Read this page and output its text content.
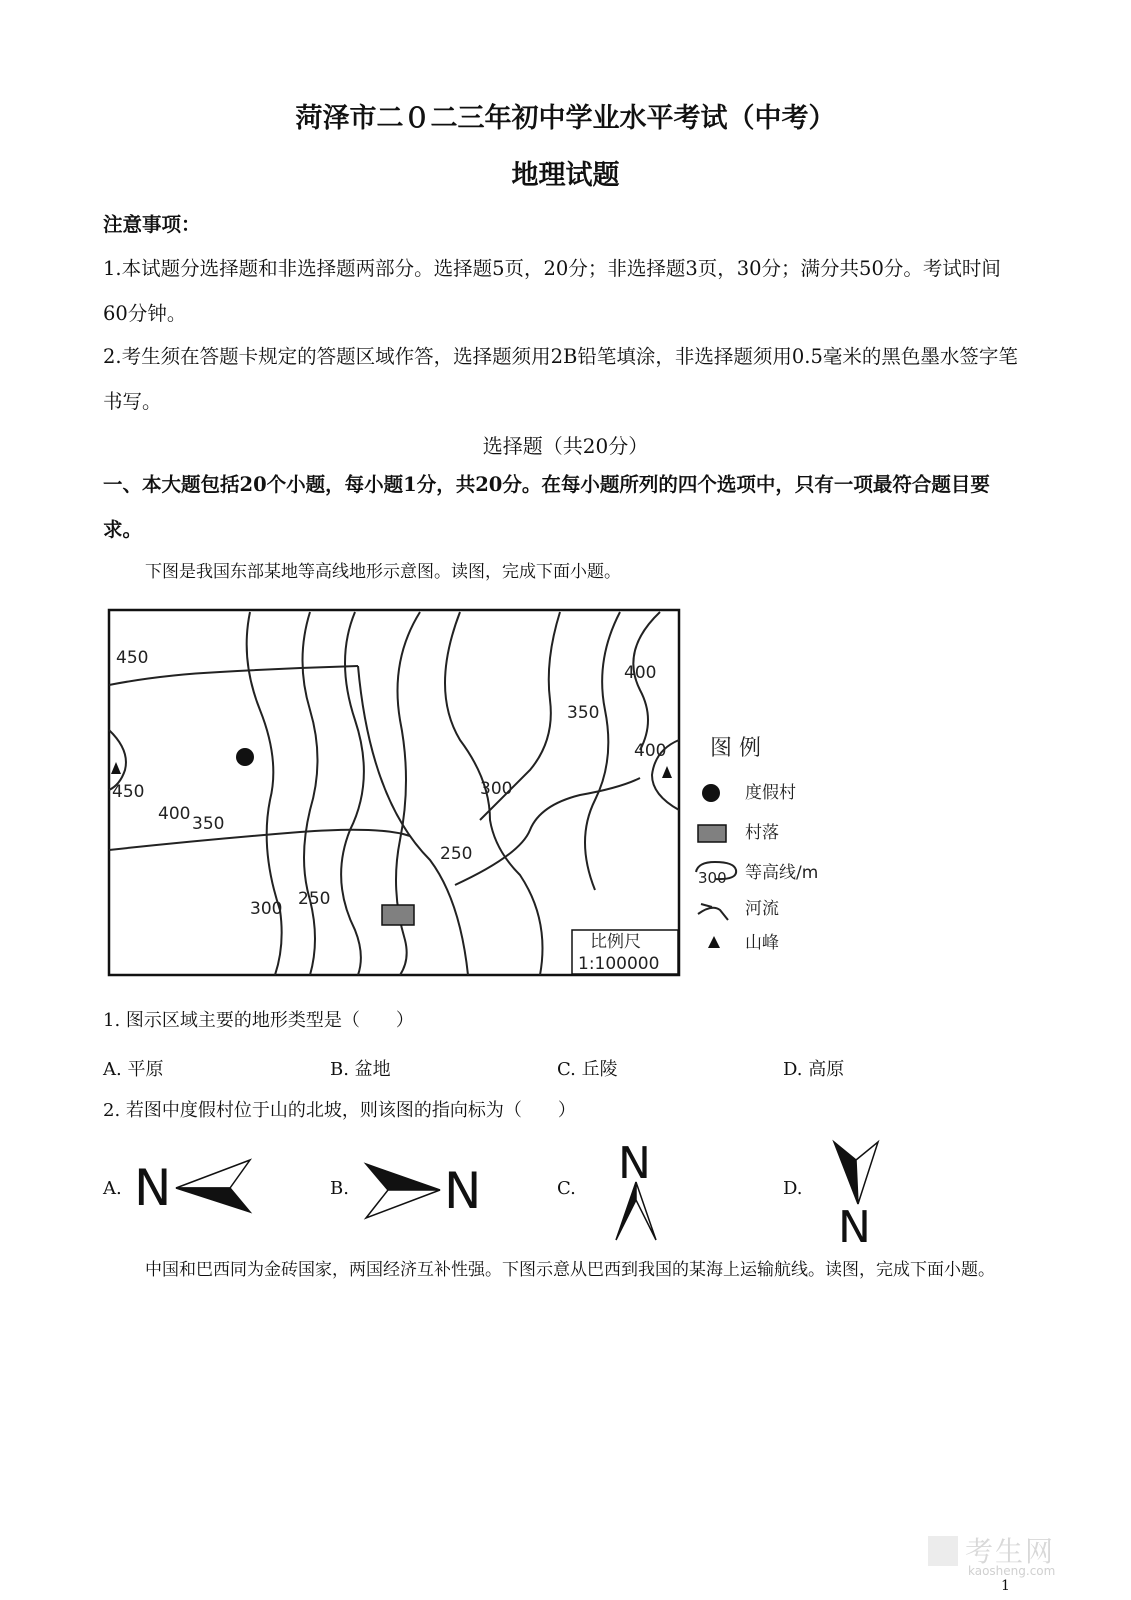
菏泽市二０二三年初中学业水平考试（中考）
地理试题
注意事项：
1.本试题分选择题和非选择题两部分。选择题5页，20分；非选择题3页，30分；满分共50分。考试时间60分钟。
2.考生须在答题卡规定的答题区域作答，选择题须用2B铅笔填涂，非选择题须用0.5毫米的黑色墨水签字笔书写。
选择题（共20分）
一、本大题包括20个小题，每小题1分，共20分。在每小题所列的四个选项中，只有一项最符合题目要求。
下图是我国东部某地等高线地形示意图。读图，完成下面小题。
450
450
400 350
300 250
250
300
350
400
400
比例尺
1:100000
图 例
度假村
村落
300 等高线/m
河流
山峰
1. 图示区域主要的地形类型是（　　）
A. 平原	B. 盆地	C. 丘陵	D. 高原
2. 若图中度假村位于山的北坡，则该图的指向标为（　　）
A. N	B. N	C. N	D.
N
中国和巴西同为金砖国家，两国经济互补性强。下图示意从巴西到我国的某海上运输航线。读图，完成下面小题。
考生网
kaosheng.com
1
